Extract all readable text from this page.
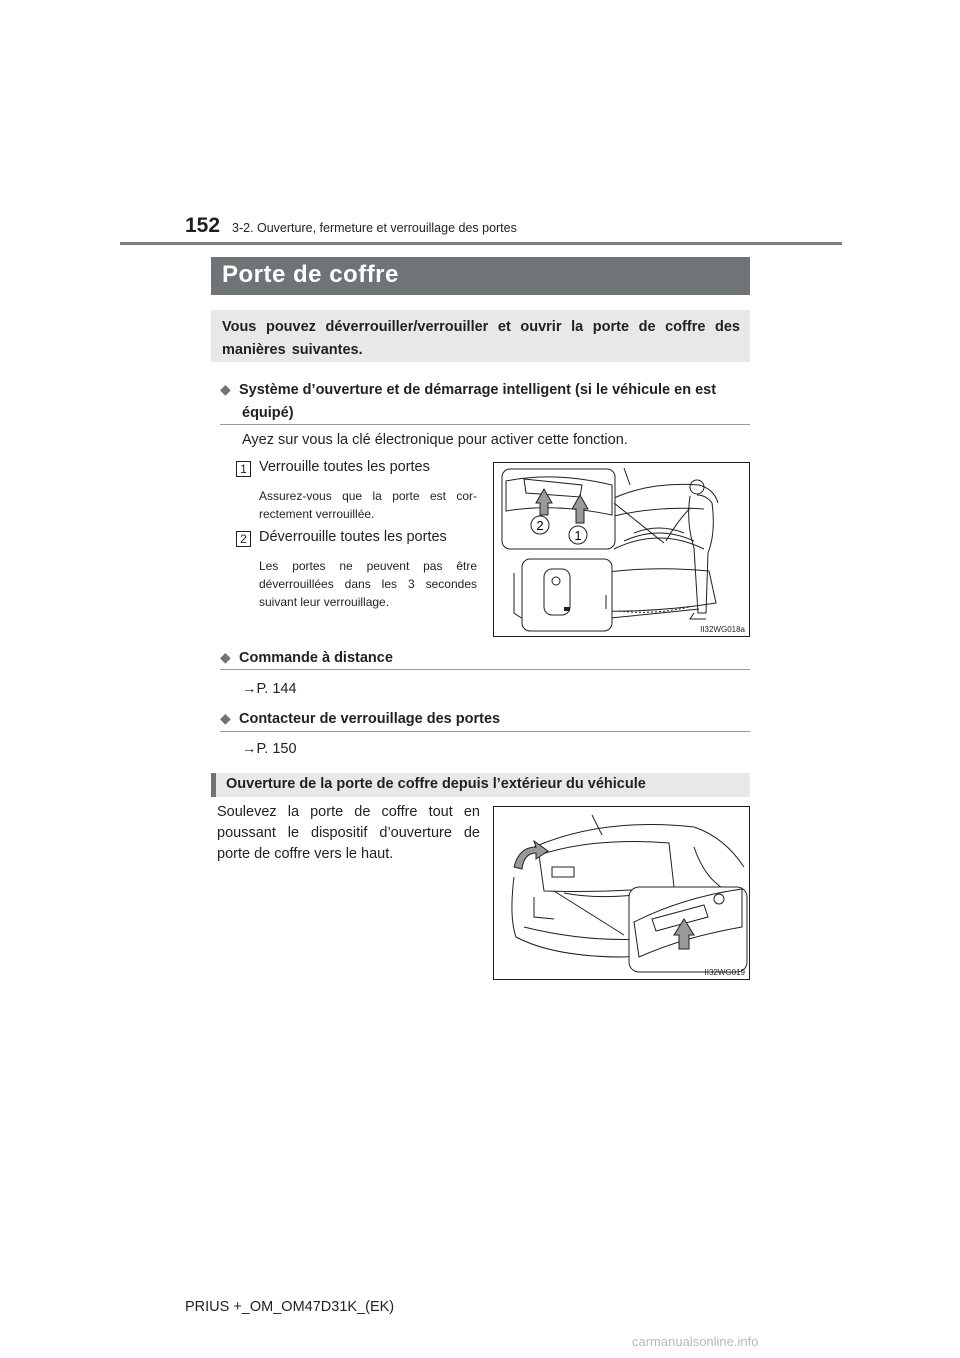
152 3-2. Ouverture, fermeture et verrouillage des portes
Porte de coffre

Vous pouvez déverrouiller/verrouiller et ouvrir la porte de coffre des manières suivantes.

◆ Système d’ouverture et de démarrage intelligent (si le véhicule en est
équipé)
Ayez sur vous la clé électronique pour activer cette fonction.
1 Verrouille toutes les portes
Assurez-vous que la porte est cor-
rectement verrouillée.
2 Déverrouille toutes les portes
Les portes ne peuvent pas être
déverrouillées dans les 3 secondes
suivant leur verrouillage.
2
1
II32WG018a
◆ Commande à distance
→P. 144
◆ Contacteur de verrouillage des portes
→P. 150
Ouverture de la porte de coffre depuis l’extérieur du véhicule
Soulevez la porte de coffre tout en
poussant le dispositif d’ouverture de
porte de coffre vers le haut.
II32WG019
PRIUS +_OM_OM47D31K_(EK)
carmanualsonline.info
